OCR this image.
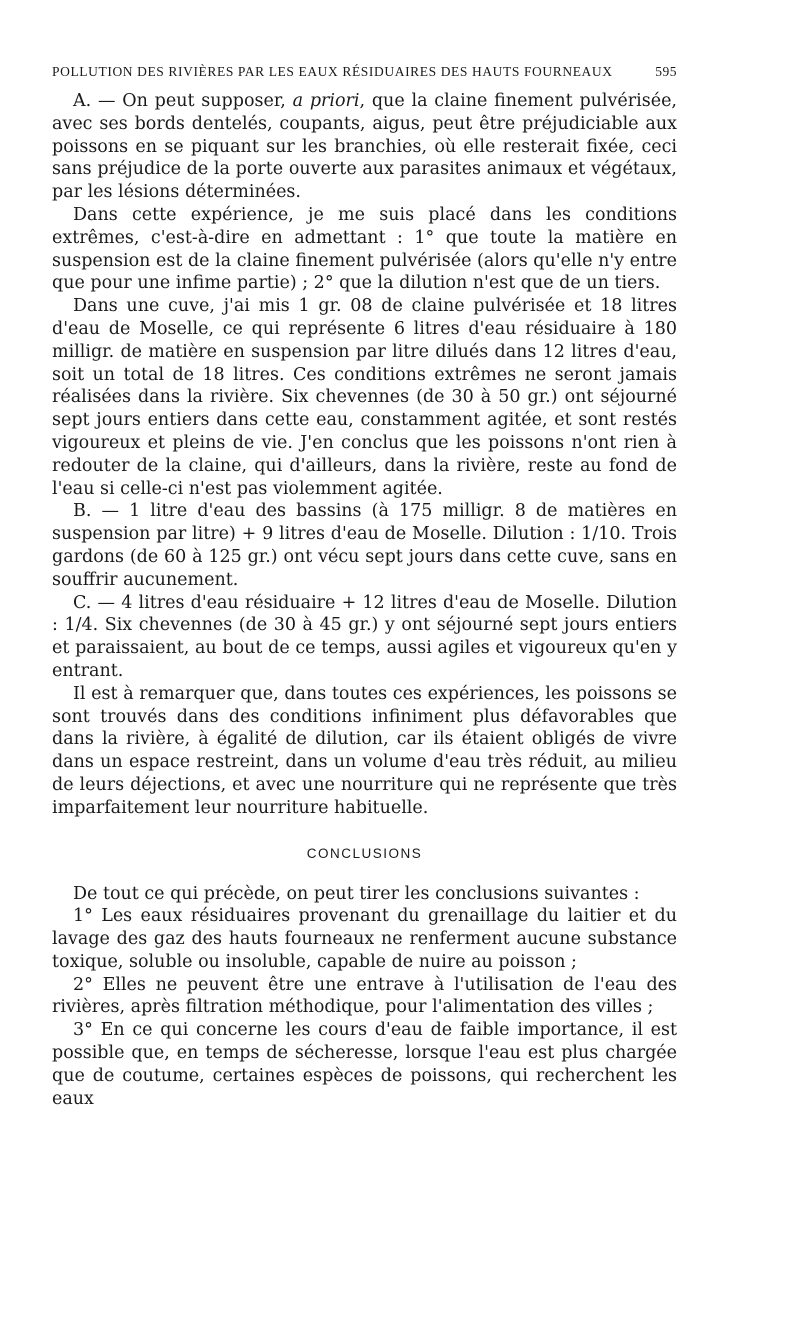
POLLUTION DES RIVIÈRES PAR LES EAUX RÉSIDUAIRES DES HAUTS FOURNEAUX	595

A. — On peut supposer, a priori, que la claine finement pulvérisée, avec ses bords dentelés, coupants, aigus, peut être préjudiciable aux poissons en se piquant sur les branchies, où elle resterait fixée, ceci sans préjudice de la porte ouverte aux parasites animaux et végétaux, par les lésions déterminées.

Dans cette expérience, je me suis placé dans les conditions extrêmes, c'est-à-dire en admettant : 1° que toute la matière en suspension est de la claine finement pulvérisée (alors qu'elle n'y entre que pour une infime partie) ; 2° que la dilution n'est que de un tiers.

Dans une cuve, j'ai mis 1 gr. 08 de claine pulvérisée et 18 litres d'eau de Moselle, ce qui représente 6 litres d'eau résiduaire à 180 milligr. de matière en suspension par litre dilués dans 12 litres d'eau, soit un total de 18 litres. Ces conditions extrêmes ne seront jamais réalisées dans la rivière. Six chevennes (de 30 à 50 gr.) ont séjourné sept jours entiers dans cette eau, constamment agitée, et sont restés vigoureux et pleins de vie. J'en conclus que les poissons n'ont rien à redouter de la claine, qui d'ailleurs, dans la rivière, reste au fond de l'eau si celle-ci n'est pas violemment agitée.

B. — 1 litre d'eau des bassins (à 175 milligr. 8 de matières en suspension par litre) + 9 litres d'eau de Moselle. Dilution : 1/10. Trois gardons (de 60 à 125 gr.) ont vécu sept jours dans cette cuve, sans en souffrir aucunement.

C. — 4 litres d'eau résiduaire + 12 litres d'eau de Moselle. Dilution : 1/4. Six chevennes (de 30 à 45 gr.) y ont séjourné sept jours entiers et paraissaient, au bout de ce temps, aussi agiles et vigoureux qu'en y entrant.

Il est à remarquer que, dans toutes ces expériences, les poissons se sont trouvés dans des conditions infiniment plus défavorables que dans la rivière, à égalité de dilution, car ils étaient obligés de vivre dans un espace restreint, dans un volume d'eau très réduit, au milieu de leurs déjections, et avec une nourriture qui ne représente que très imparfaitement leur nourriture habituelle.

CONCLUSIONS

De tout ce qui précède, on peut tirer les conclusions suivantes :

1° Les eaux résiduaires provenant du grenaillage du laitier et du lavage des gaz des hauts fourneaux ne renferment aucune substance toxique, soluble ou insoluble, capable de nuire au poisson ;

2° Elles ne peuvent être une entrave à l'utilisation de l'eau des rivières, après filtration méthodique, pour l'alimentation des villes ;

3° En ce qui concerne les cours d'eau de faible importance, il est possible que, en temps de sécheresse, lorsque l'eau est plus chargée que de coutume, certaines espèces de poissons, qui recherchent les eaux
